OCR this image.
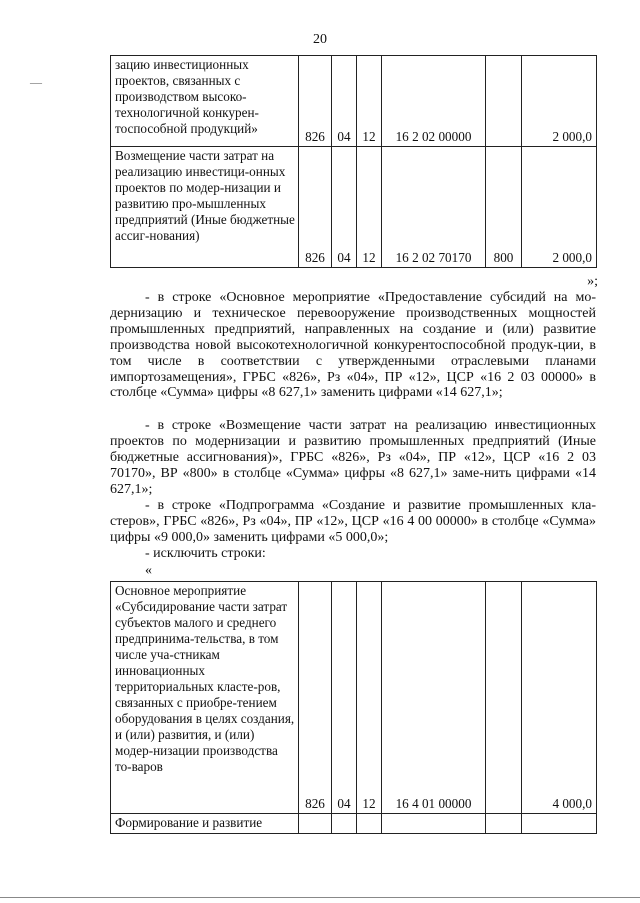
—
20
зацию инвестиционных проектов, связанных с производством высоко-технологичной конкурен-тоспособной продукций»	826	04	12	16 2 02 00000		2 000,0
Возмещение части затрат на реализацию инвестици-онных проектов по модер-низации и развитию про-мышленных предприятий (Иные бюджетные ассиг-нования)	826	04	12	16 2 02 70170	800	2 000,0
»;

- в строке «Основное мероприятие «Предоставление субсидий на мо-дернизацию и техническое перевооружение производственных мощностей промышленных предприятий, направленных на создание и (или) развитие производства новой высокотехнологичной конкурентоспособной продук-ции, в том числе в соответствии с утвержденными отраслевыми планами импортозамещения», ГРБС «826», Рз «04», ПР «12», ЦСР «16 2 03 00000» в столбце «Сумма» цифры «8 627,1» заменить цифрами «14 627,1»;

- в строке «Возмещение части затрат на реализацию инвестиционных проектов по модернизации и развитию промышленных предприятий (Иные бюджетные ассигнования)», ГРБС «826», Рз «04», ПР «12», ЦСР «16 2 03 70170», ВР «800» в столбце «Сумма» цифры «8 627,1» заме-нить цифрами «14 627,1»;

- в строке «Подпрограмма «Создание и развитие промышленных кла-стеров», ГРБС «826», Рз «04», ПР «12», ЦСР «16 4 00 00000» в столбце «Сумма» цифры «9 000,0» заменить цифрами «5 000,0»;

- исключить строки:
«
Основное мероприятие «Субсидирование части затрат субъектов малого и среднего предпринима-тельства, в том числе уча-стникам инновационных территориальных класте-ров, связанных с приобре-тением оборудования в целях создания, и (или) развития, и (или) модер-низации производства то-варов	826	04	12	16 4 01 00000		4 000,0
Формирование и развитие						
